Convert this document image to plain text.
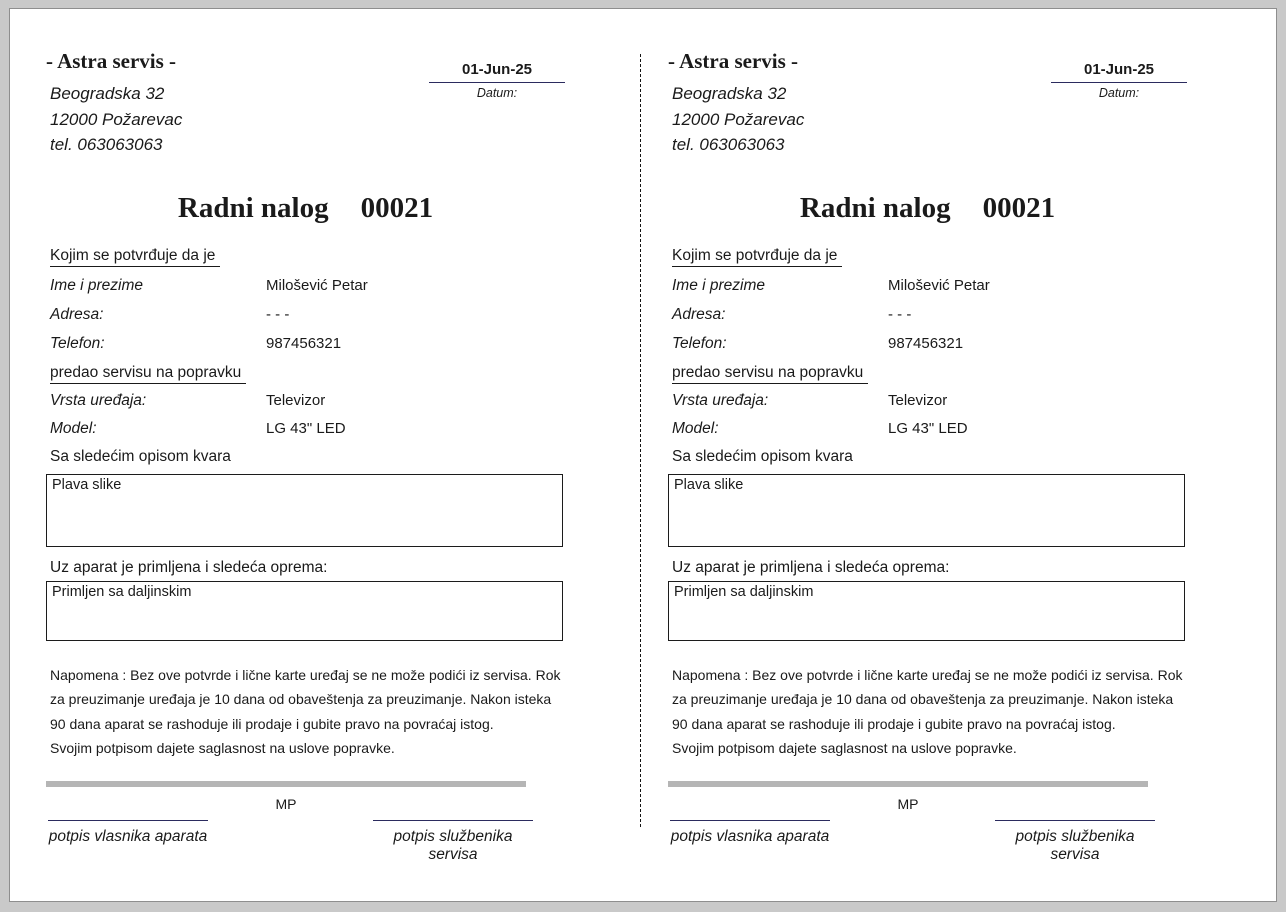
- Astra servis -
Beogradska 32
12000 Požarevac
tel. 063063063
01-Jun-25
Datum:
Radni nalog 00021
Kojim se potvrđuje da je
Ime i prezime	Milošević Petar
Adresa:	- - -
Telefon:	987456321
predao servisu na popravku
Vrsta uređaja:	Televizor
Model:	LG 43" LED
Sa sledećim opisom kvara
Plava slike
Uz aparat je primljena i sledeća oprema:
Primljen sa daljinskim
Napomena : Bez ove potvrde i lične karte uređaj se ne može podići iz servisa. Rok
za preuzimanje uređaja je 10 dana od obaveštenja za preuzimanje. Nakon isteka
90 dana aparat se rashoduje ili prodaje i gubite pravo na povraćaj istog.
Svojim potpisom dajete saglasnost na uslove popravke.
MP
potpis vlasnika aparata	potpis službenika servisa
- Astra servis -
Beogradska 32
12000 Požarevac
tel. 063063063
01-Jun-25
Datum:
Radni nalog 00021
Kojim se potvrđuje da je
Ime i prezime	Milošević Petar
Adresa:	- - -
Telefon:	987456321
predao servisu na popravku
Vrsta uređaja:	Televizor
Model:	LG 43" LED
Sa sledećim opisom kvara
Plava slike
Uz aparat je primljena i sledeća oprema:
Primljen sa daljinskim
Napomena : Bez ove potvrde i lične karte uređaj se ne može podići iz servisa. Rok
za preuzimanje uređaja je 10 dana od obaveštenja za preuzimanje. Nakon isteka
90 dana aparat se rashoduje ili prodaje i gubite pravo na povraćaj istog.
Svojim potpisom dajete saglasnost na uslove popravke.
MP
potpis vlasnika aparata	potpis službenika servisa
